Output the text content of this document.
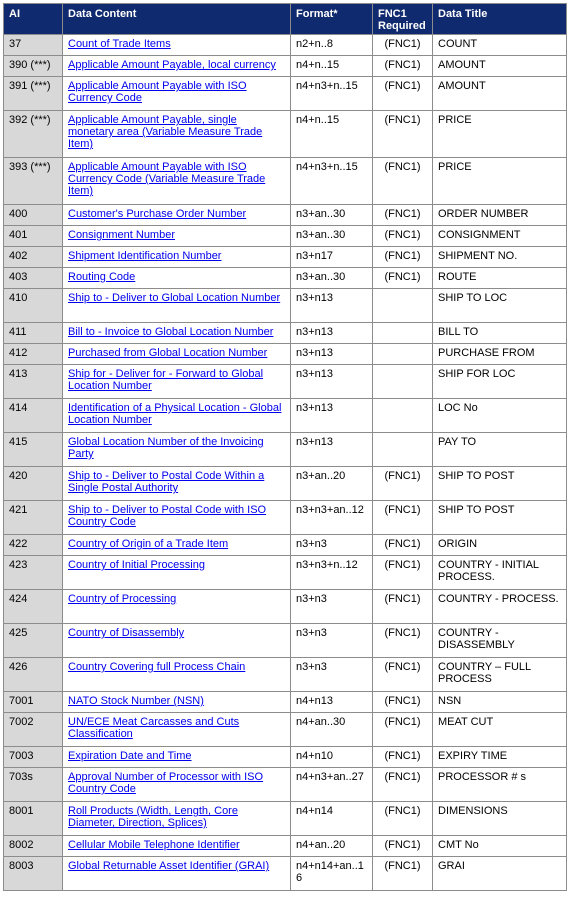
AI	Data Content	Format*	FNC1 Required	Data Title
37	Count of Trade Items	n2+n..8	(FNC1)	COUNT
390 (***)	Applicable Amount Payable, local currency	n4+n..15	(FNC1)	AMOUNT
391 (***)	Applicable Amount Payable with ISO Currency Code	n4+n3+n..15	(FNC1)	AMOUNT
392 (***)	Applicable Amount Payable, single monetary area (Variable Measure Trade Item)	n4+n..15	(FNC1)	PRICE
393 (***)	Applicable Amount Payable with ISO Currency Code (Variable Measure Trade Item)	n4+n3+n..15	(FNC1)	PRICE
400	Customer's Purchase Order Number	n3+an..30	(FNC1)	ORDER NUMBER
401	Consignment Number	n3+an..30	(FNC1)	CONSIGNMENT
402	Shipment Identification Number	n3+n17	(FNC1)	SHIPMENT NO.
403	Routing Code	n3+an..30	(FNC1)	ROUTE
410	Ship to - Deliver to Global Location Number	n3+n13		SHIP TO LOC
411	Bill to - Invoice to Global Location Number	n3+n13		BILL TO
412	Purchased from Global Location Number	n3+n13		PURCHASE FROM
413	Ship for - Deliver for - Forward to Global Location Number	n3+n13		SHIP FOR LOC
414	Identification of a Physical Location - Global Location Number	n3+n13		LOC No
415	Global Location Number of the Invoicing Party	n3+n13		PAY TO
420	Ship to - Deliver to Postal Code Within a Single Postal Authority	n3+an..20	(FNC1)	SHIP TO POST
421	Ship to - Deliver to Postal Code with ISO Country Code	n3+n3+an..12	(FNC1)	SHIP TO POST
422	Country of Origin of a Trade Item	n3+n3	(FNC1)	ORIGIN
423	Country of Initial Processing	n3+n3+n..12	(FNC1)	COUNTRY - INITIAL PROCESS.
424	Country of Processing	n3+n3	(FNC1)	COUNTRY - PROCESS.
425	Country of Disassembly	n3+n3	(FNC1)	COUNTRY - DISASSEMBLY
426	Country Covering full Process Chain	n3+n3	(FNC1)	COUNTRY – FULL PROCESS
7001	NATO Stock Number (NSN)	n4+n13	(FNC1)	NSN
7002	UN/ECE Meat Carcasses and Cuts Classification	n4+an..30	(FNC1)	MEAT CUT
7003	Expiration Date and Time	n4+n10	(FNC1)	EXPIRY TIME
703s	Approval Number of Processor with ISO Country Code	n4+n3+an..27	(FNC1)	PROCESSOR # s
8001	Roll Products (Width, Length, Core Diameter, Direction, Splices)	n4+n14	(FNC1)	DIMENSIONS
8002	Cellular Mobile Telephone Identifier	n4+an..20	(FNC1)	CMT No
8003	Global Returnable Asset Identifier (GRAI)	n4+n14+an..16	(FNC1)	GRAI
